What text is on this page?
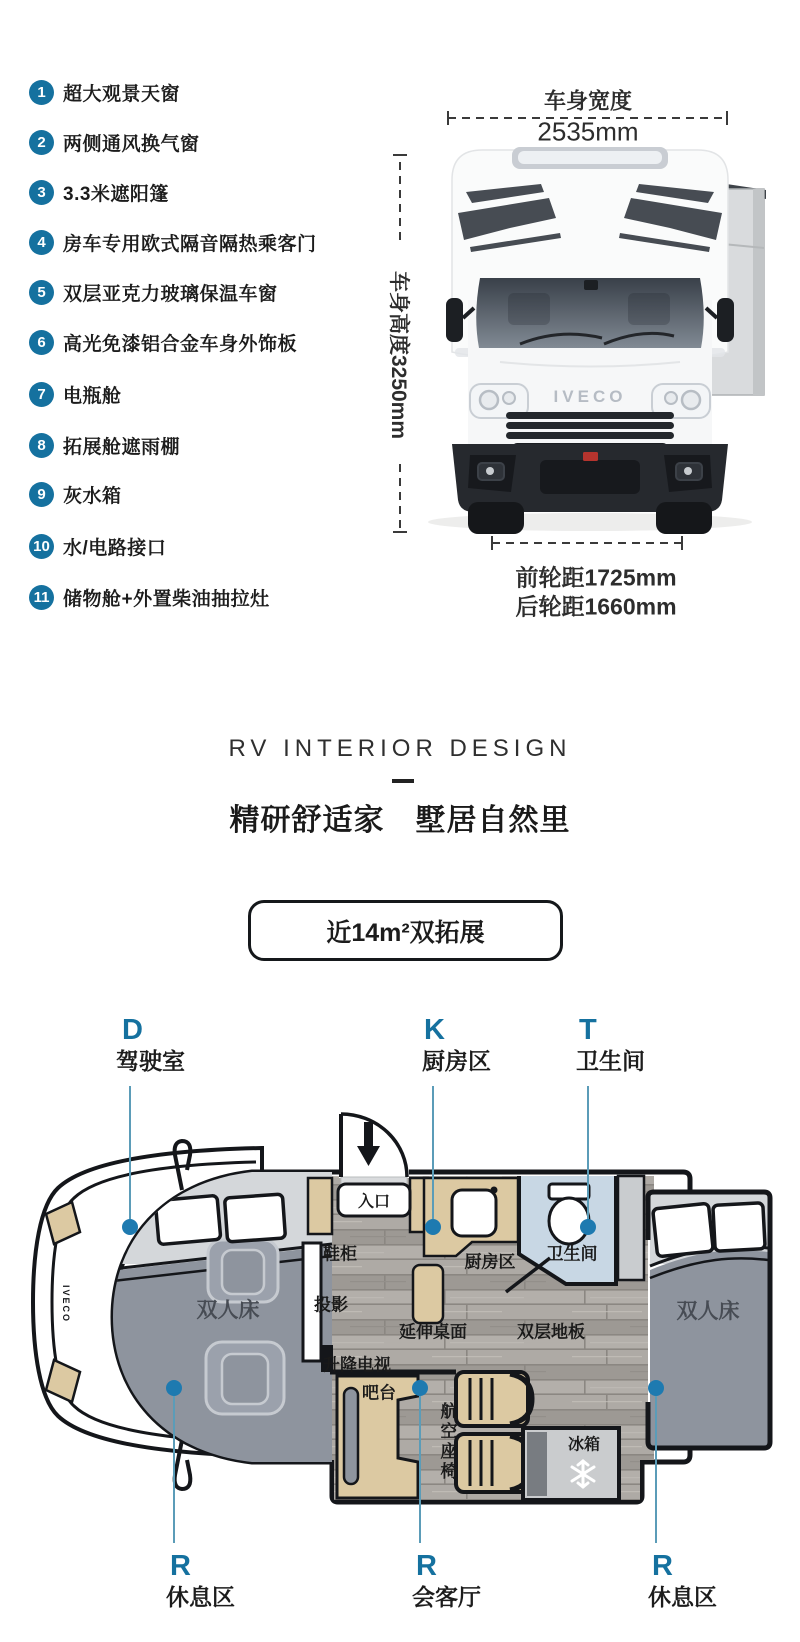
1 超大观景天窗
2 两侧通风换气窗
3 3.3米遮阳篷
4 房车专用欧式隔音隔热乘客门
5 双层亚克力玻璃保温车窗
6 高光免漆铝合金车身外饰板
7 电瓶舱
8 拓展舱遮雨棚
9 灰水箱
10 水/电路接口
11 储物舱+外置柴油抽拉灶
车身宽度
2535mm
车身高度3250mm
前轮距1725mm
后轮距1660mm
IVECO
RV INTERIOR DESIGN
精研舒适家　墅居自然里
近14m²双拓展
D
驾驶室
K
厨房区
T
卫生间
R
休息区
R
会客厅
R
休息区
入口
鞋柜
投影
升降电视
厨房区 卫生间
延伸桌面	双层地板
吧台
航空座椅	冰箱
双人床	双人床
IVECO
